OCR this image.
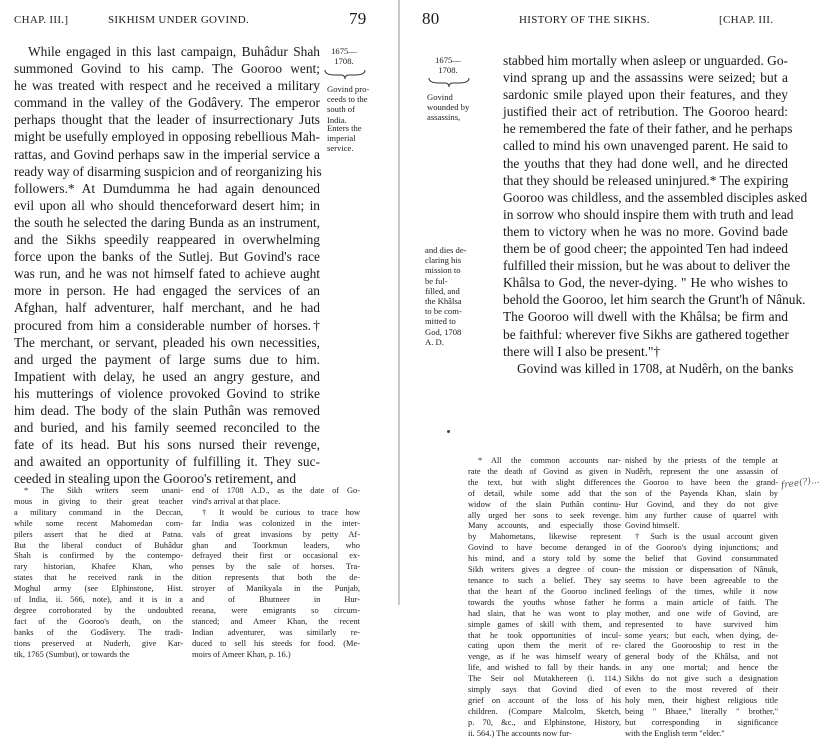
CHAP. III.]	SIKHISM UNDER GOVIND.	79
While engaged in this last campaign, Buhâdur Shah
summoned Govind to his camp. The Gooroo went;
he was treated with respect and he received a military
command in the valley of the Godâvery. The emperor
perhaps thought that the leader of insurrectionary Juts
might be usefully employed in opposing rebellious Mah-
rattas, and Govind perhaps saw in the imperial service a
ready way of disarming suspicion and of reorganizing his
followers.* At Dumdumma he had again denounced
evil upon all who should thenceforward desert him; in
the south he selected the daring Bunda as an instrument,
and the Sikhs speedily reappeared in overwhelming
force upon the banks of the Sutlej. But Govind's race
was run, and he was not himself fated to achieve aught
more in person. He had engaged the services of an
Afghan, half adventurer, half merchant, and he had
procured from him a considerable number of horses.†
The merchant, or servant, pleaded his own necessities,
and urged the payment of large sums due to him.
Impatient with delay, he used an angry gesture, and
his mutterings of violence provoked Govind to strike
him dead. The body of the slain Puthân was removed
and buried, and his family seemed reconciled to the
fate of its head. But his sons nursed their revenge,
and awaited an opportunity of fulfilling it. They suc-
ceeded in stealing upon the Gooroo's retirement, and
1675—
1708.
Govind pro-
ceeds to the
south of
India.
Enters the
imperial
service.
* The Sikh writers seem unani-
mous in giving to their great teacher
a military command in the Deccan,
while some recent Mahomedan com-
pilers assert that he died at Patna.
But the liberal conduct of Buhâdur
Shah is confirmed by the contempo-
rary historian, Khafee Khan, who
states that he received rank in the
Moghul army (see Elphinstone, Hist.
of India, ii. 566, note), and it is in a
degree corroborated by the undoubted
fact of the Gooroo's death, on the
banks of the Godâvery. The tradi-
tions preserved at Nuderh, give Kar-
tik, 1765 (Sumbut), or towards the
end of 1708 A.D., as the date of Go-
vind's arrival at that place.
† It would be curious to trace how
far India was colonized in the inter-
vals of great invasions by petty Af-
ghan and Toorkmun leaders, who
defrayed their first or occasional ex-
penses by the sale of horses. Tra-
dition represents that both the de-
stroyer of Manikyala in the Punjab,
and of Bhutneer in Hur-
reeana, were emigrants so circum-
stanced; and Ameer Khan, the recent
Indian adventurer, was similarly re-
duced to sell his steeds for food. (Me-
moirs of Ameer Khan, p. 16.)
80	HISTORY OF THE SIKHS.	[CHAP. III.
1675—
1708.
Govind
wounded by
assassins,
and dies de-
claring his
mission to
be ful-
filled, and
the Khâlsa
to be com-
mitted to
God, 1708
A. D.
stabbed him mortally when asleep or unguarded. Go-
vind sprang up and the assassins were seized; but a
sardonic smile played upon their features, and they
justified their act of retribution. The Gooroo heard:
he remembered the fate of their father, and he perhaps
called to mind his own unavenged parent. He said to
the youths that they had done well, and he directed
that they should be released uninjured.* The expiring
Gooroo was childless, and the assembled disciples asked
in sorrow who should inspire them with truth and lead
them to victory when he was no more. Govind bade
them be of good cheer; the appointed Ten had indeed
fulfilled their mission, but he was about to deliver the
Khâlsa to God, the never-dying. " He who wishes to
behold the Gooroo, let him search the Grunt'h of Nânuk.
The Gooroo will dwell with the Khâlsa; be firm and
be faithful: wherever five Sikhs are gathered together
there will I also be present."†
Govind was killed in 1708, at Nudêrh, on the banks
* All the common accounts nar-
rate the death of Govind as given in
the text, but with slight differences
of detail, while some add that the
widow of the slain Puthân continu-
ally urged her sons to seek revenge.
Many accounts, and especially those
by Mahometans, likewise represent
Govind to have become deranged in
his mind, and a story told by some
Sikh writers gives a degree of coun-
tenance to such a belief. They say
that the heart of the Gooroo inclined
towards the youths whose father he
had slain, that he was wont to play
simple games of skill with them, and
that he took opportunities of incul-
cating upon them the merit of re-
venge, as if he was himself weary of
life, and wished to fall by their hands.
The Seir ool Mutakhereen (i. 114.)
simply says that Govind died of
grief on account of the loss of his
children. (Compare Malcolm, Sketch,
p. 70, &c., and Elphinstone, History,
ii. 564.) The accounts now fur-
nished by the priests of the temple at
Nudêrh, represent the one assassin of
the Gooroo to have been the grand-
son of the Payenda Khan, slain by
Hur Govind, and they do not give
him any further cause of quarrel with
Govind himself.
† Such is the usual account given
of the Gooroo's dying injunctions; and
the belief that Govind consummated
the mission or dispensation of Nânuk,
seems to have been agreeable to the
feelings of the times, while it now
forms a main article of faith. The
mother, and one wife of Govind, are
represented to have survived him
some years; but each, when dying, de-
clared the Goorooship to rest in the
general body of the Khâlsa, and not
in any one mortal; and hence the
Sikhs do not give such a designation
even to the most revered of their
holy men, their highest religious title
being " Bhaee," literally " brother,"
but corresponding in significance
with the English term "elder."
free(?)...
